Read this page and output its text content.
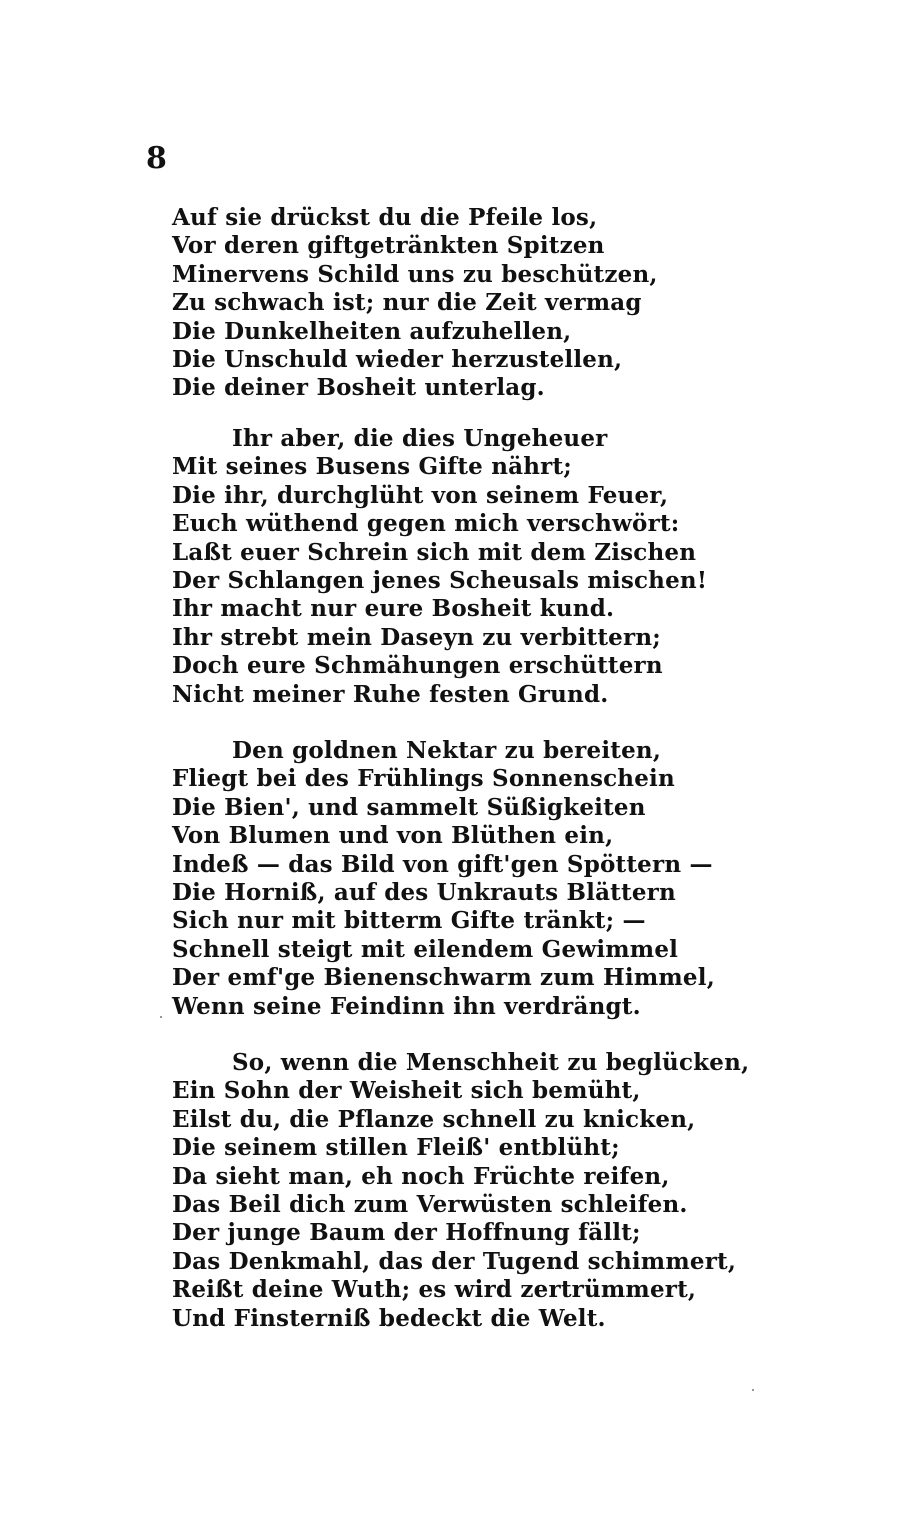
8
Auf sie drückst du die Pfeile los,
Vor deren giftgetränkten Spitzen
Minervens Schild uns zu beschützen,
Zu schwach ist; nur die Zeit vermag
Die Dunkelheiten aufzuhellen,
Die Unschuld wieder herzustellen,
Die deiner Bosheit unterlag.
Ihr aber, die dies Ungeheuer
Mit seines Busens Gifte nährt;
Die ihr, durchglüht von seinem Feuer,
Euch wüthend gegen mich verschwört:
Laßt euer Schrein sich mit dem Zischen
Der Schlangen jenes Scheusals mischen!
Ihr macht nur eure Bosheit kund.
Ihr strebt mein Daseyn zu verbittern;
Doch eure Schmähungen erschüttern
Nicht meiner Ruhe festen Grund.
Den goldnen Nektar zu bereiten,
Fliegt bei des Frühlings Sonnenschein
Die Bien', und sammelt Süßigkeiten
Von Blumen und von Blüthen ein,
Indeß — das Bild von gift'gen Spöttern —
Die Horniß, auf des Unkrauts Blättern
Sich nur mit bitterm Gifte tränkt; —
Schnell steigt mit eilendem Gewimmel
Der emf'ge Bienenschwarm zum Himmel,
Wenn seine Feindinn ihn verdrängt.
So, wenn die Menschheit zu beglücken,
Ein Sohn der Weisheit sich bemüht,
Eilst du, die Pflanze schnell zu knicken,
Die seinem stillen Fleiß' entblüht;
Da sieht man, eh noch Früchte reifen,
Das Beil dich zum Verwüsten schleifen.
Der junge Baum der Hoffnung fällt;
Das Denkmahl, das der Tugend schimmert,
Reißt deine Wuth; es wird zertrümmert,
Und Finsterniß bedeckt die Welt.
